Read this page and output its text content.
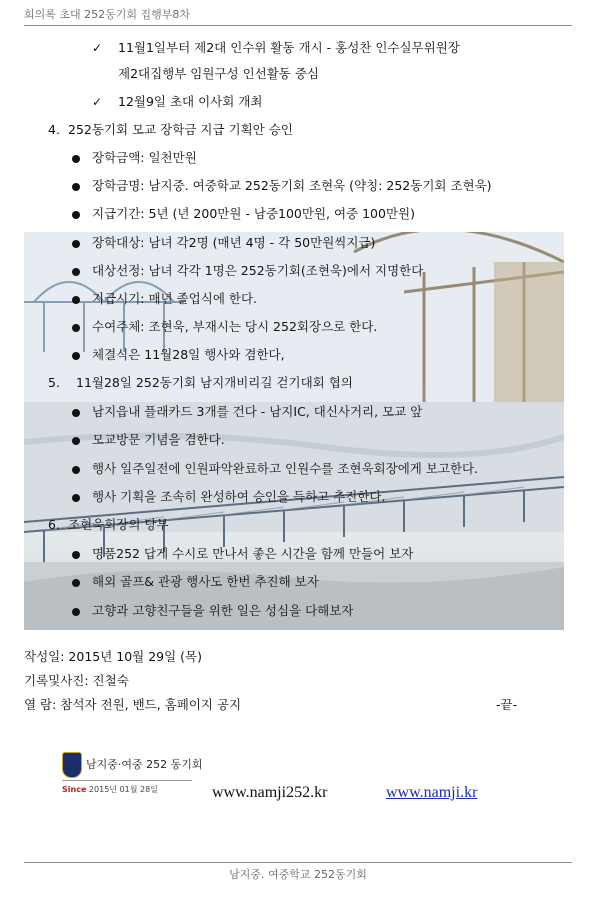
회의록 초대 252동기회 집행부8차
✓ 11월1일부터 제2대 인수위 활동 개시 - 홍성찬 인수실무위원장
제2대집행부 임원구성 인선활동 중심
✓ 12월9일 초대 이사회 개최
4. 252동기회 모교 장학금 지급 기획안 승인
장학금액: 일천만원
장학금명: 남지중. 여중학교 252동기회 조현욱 (약칭: 252동기회 조현욱)
지급기간: 5년 (년 200만원 - 남중100만원, 여중 100만원)
장학대상: 남녀 각2명 (매년 4명 - 각 50만원씩지급)
대상선정: 남녀 각각 1명은 252동기회(조현욱)에서 지명한다
지급시기: 매년 졸업식에 한다.
수여주체: 조현욱, 부재시는 당시 252회장으로 한다.
체결식은 11월28일 행사와 겸한다,
5. 11월28일 252동기회 남지개비리길 걷기대회 협의
남지읍내 플래카드 3개를 건다 - 남지IC, 대신사거리, 모교 앞
모교방문 기념을 겸한다.
행사 일주일전에 인원파악완료하고 인원수를 조현욱회장에게 보고한다.
행사 기획을 조속히 완성하여 승인을 득하고 추진한다.
6. 조현욱회장의 당부
명품252 답게 수시로 만나서 좋은 시간을 함께 만들어 보자
해외 골프& 관광 행사도 한번 추진해 보자
고향과 고향친구들을 위한 일은 성심을 다해보자
작성일: 2015년 10월 29일 (목)
기록및사진: 진철숙
열 람: 참석자 전원, 밴드, 홈페이지 공지	-끝-
남지중·여중 252 동기회
Since 2015년 01월 28일	www.namji252.kr	www.namji.kr
남지중. 여중학교 252동기회
